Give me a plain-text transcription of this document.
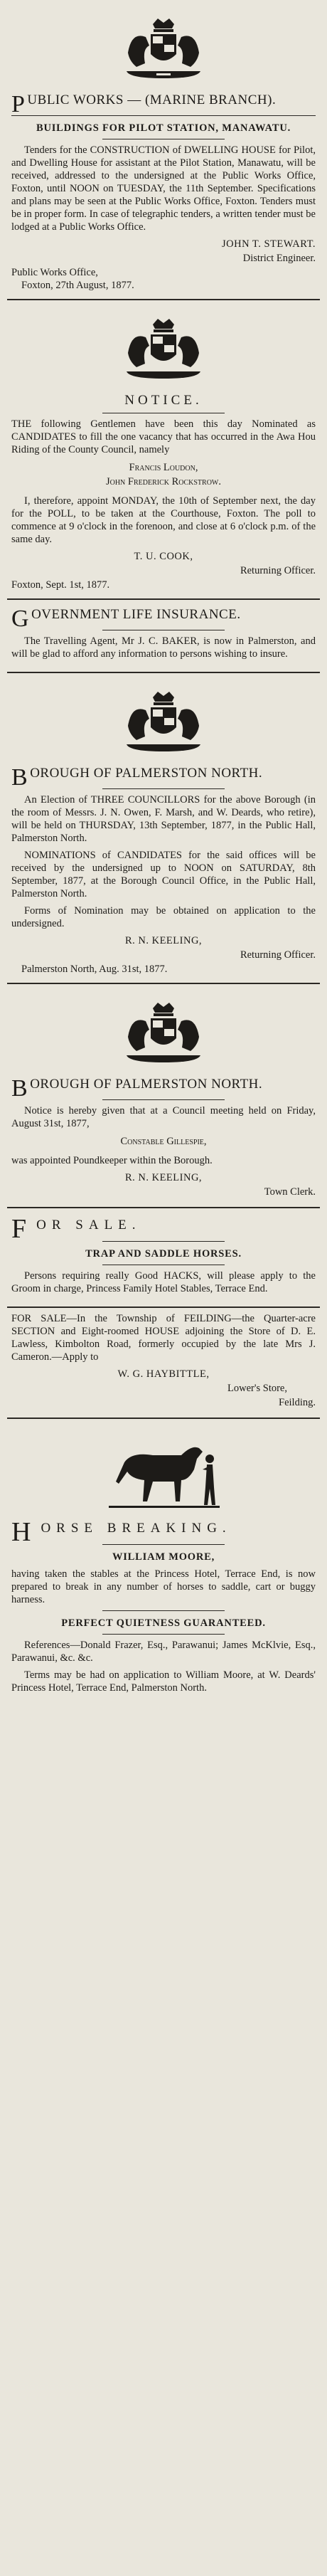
PUBLIC WORKS — (MARINE BRANCH).
BUILDINGS FOR PILOT STATION, MANAWATU.

Tenders for the CONSTRUCTION of DWELLING HOUSE for Pilot, and Dwelling House for assistant at the Pilot Station, Manawatu, will be received, addressed to the undersigned at the Public Works Office, Foxton, until NOON on TUESDAY, the 11th September. Specifications and plans may be seen at the Public Works Office, Foxton. Tenders must be in proper form. In case of telegraphic tenders, a written tender must be lodged at a Public Works Office.

JOHN T. STEWART.
District Engineer.
Public Works Office,
Foxton, 27th August, 1877.
NOTICE.

THE following Gentlemen have been this day Nominated as CANDIDATES to fill the one vacancy that has occurred in the Awa Hou Riding of the County Council, namely

Francis Loudon,
John Frederick Rockstrow.

I, therefore, appoint MONDAY, the 10th of September next, the day for the POLL, to be taken at the Courthouse, Foxton. The poll to commence at 9 o'clock in the forenoon, and close at 6 o'clock p.m. of the same day.

T. U. COOK,
Returning Officer.
Foxton, Sept. 1st, 1877.
GOVERNMENT LIFE INSURANCE.

The Travelling Agent, Mr J. C. BAKER, is now in Palmerston, and will be glad to afford any information to persons wishing to insure.

BOROUGH OF PALMERSTON NORTH.

An Election of THREE COUNCILLORS for the above Borough (in the room of Messrs. J. N. Owen, F. Marsh, and W. Deards, who retire), will be held on THURSDAY, 13th September, 1877, in the Public Hall, Palmerston North.

NOMINATIONS of CANDIDATES for the said offices will be received by the undersigned up to NOON on SATURDAY, 8th September, 1877, at the Borough Council Office, in the Public Hall, Palmerston North.

Forms of Nomination may be obtained on application to the undersigned.

R. N. KEELING,
Returning Officer.
Palmerston North, Aug. 31st, 1877.
BOROUGH OF PALMERSTON NORTH.

Notice is hereby given that at a Council meeting held on Friday, August 31st, 1877,

Constable Gillespie,

was appointed Poundkeeper within the Borough.

R. N. KEELING,
Town Clerk.
FOR SALE.
TRAP AND SADDLE HORSES.

Persons requiring really Good HACKS, will please apply to the Groom in charge, Princess Family Hotel Stables, Terrace End.

FOR SALE—In the Township of FEILDING—the Quarter-acre SECTION and Eight-roomed HOUSE adjoining the Store of D. E. Lawless, Kimbolton Road, formerly occupied by the late Mrs J. Cameron.—Apply to

W. G. HAYBITTLE,
Lower's Store,
Feilding.
HORSE BREAKING.
WILLIAM MOORE,

having taken the stables at the Princess Hotel, Terrace End, is now prepared to break in any number of horses to saddle, cart or buggy harness.

PERFECT QUIETNESS GUARANTEED.

References—Donald Frazer, Esq., Parawanui; James McKlvie, Esq., Parawanui, &c. &c.

Terms may be had on application to William Moore, at W. Deards' Princess Hotel, Terrace End, Palmerston North.
